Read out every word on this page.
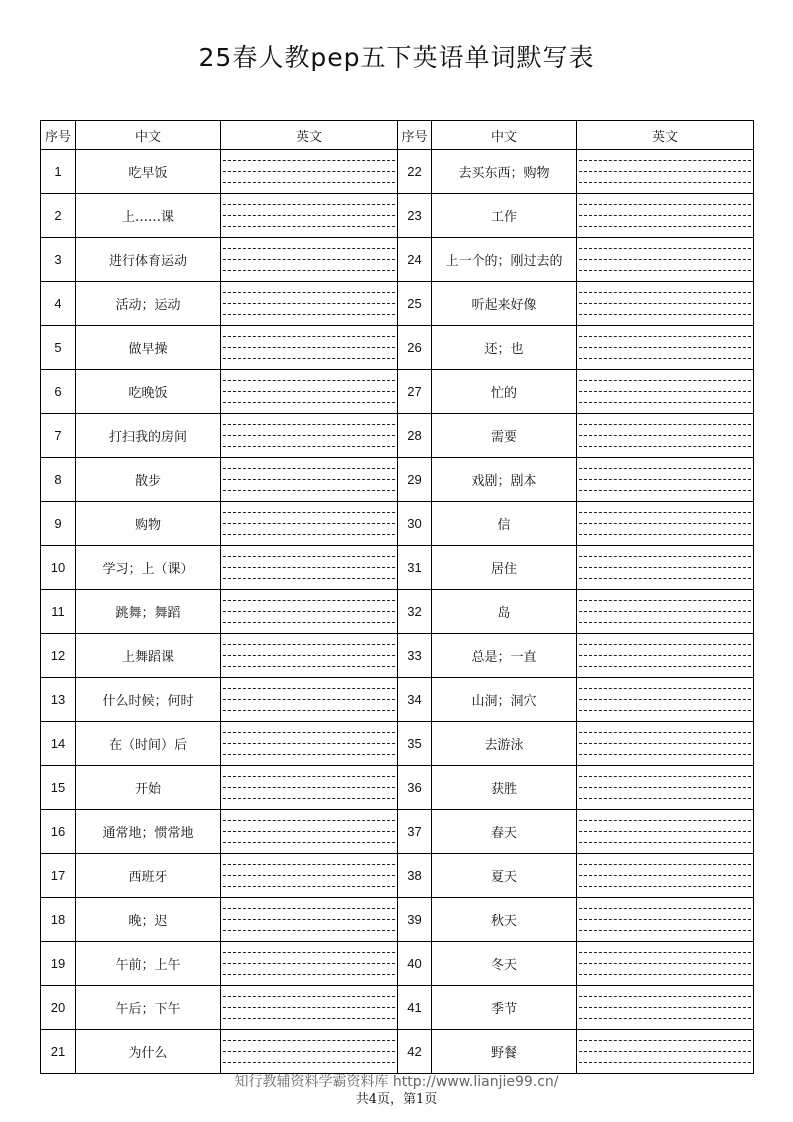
25春人教pep五下英语单词默写表
序号	中文	英文	序号	中文	英文
1	吃早饭		22	去买东西；购物	

2	上……课		23	工作	

3	进行体育运动		24	上一个的；刚过去的	

4	活动；运动		25	听起来好像	

5	做早操		26	还；也	

6	吃晚饭		27	忙的	

7	打扫我的房间		28	需要	

8	散步		29	戏剧；剧本	

9	购物		30	信	

10	学习；上（课）		31	居住	

11	跳舞；舞蹈		32	岛	

12	上舞蹈课		33	总是；一直	

13	什么时候；何时		34	山洞；洞穴	

14	在（时间）后		35	去游泳	

15	开始		36	获胜	

16	通常地；惯常地		37	春天	

17	西班牙		38	夏天	

18	晚；迟		39	秋天	

19	午前；上午		40	冬天	

20	午后；下午		41	季节	

21	为什么		42	野餐	
知行教辅资料学霸资料库 http://www.lianjie99.cn/
共4页，第1页
